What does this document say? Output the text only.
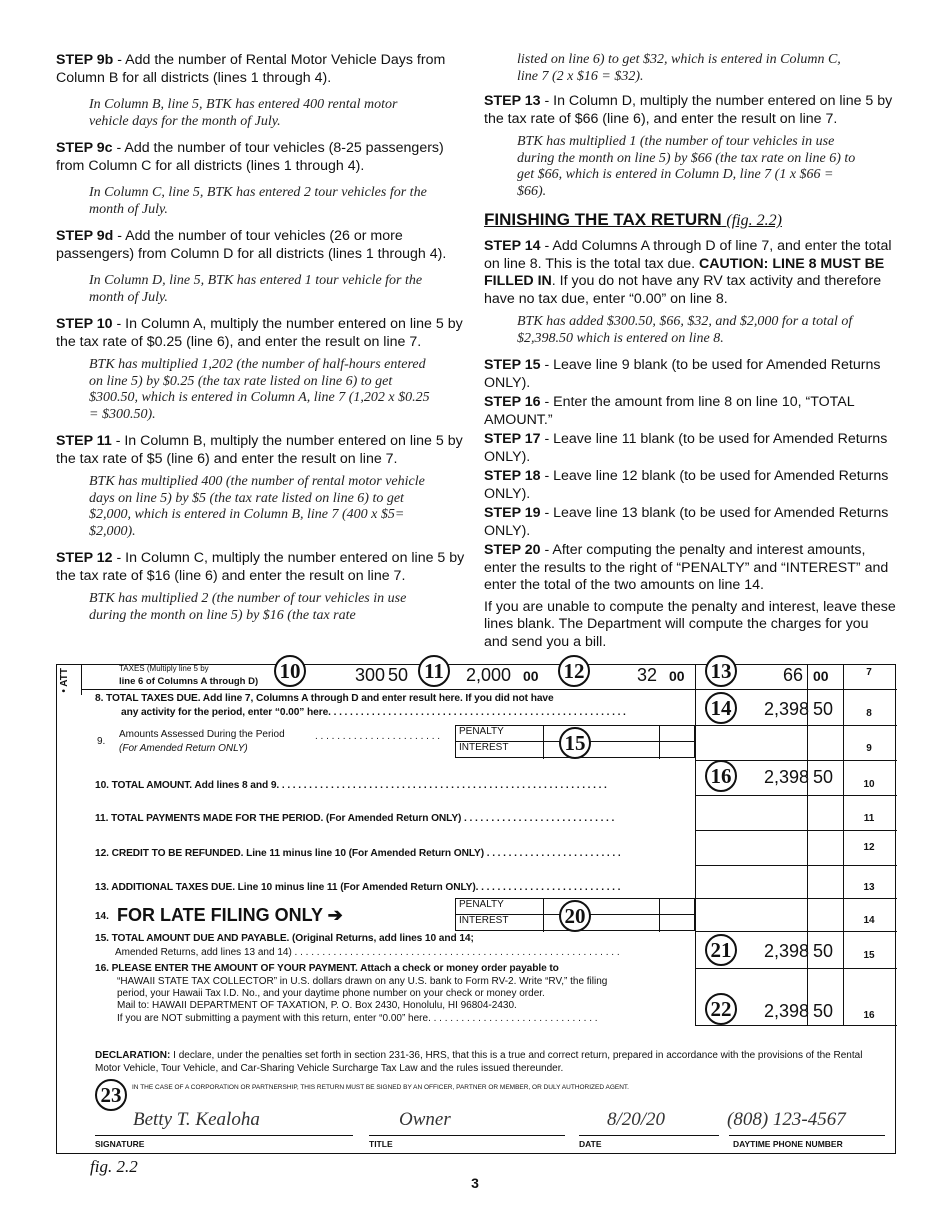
STEP 9b - Add the number of Rental Motor Vehicle Days from Column B for all districts (lines 1 through 4).

In Column B, line 5, BTK has entered 400 rental motor vehicle days for the month of July.

STEP 9c - Add the number of tour vehicles (8-25 passengers) from Column C for all districts (lines 1 through 4).

In Column C, line 5, BTK has entered 2 tour vehicles for the month of July.

STEP 9d - Add the number of tour vehicles (26 or more passengers) from Column D for all districts (lines 1 through 4).

In Column D, line 5, BTK has entered 1 tour vehicle for the month of July.

STEP 10 - In Column A, multiply the number entered on line 5 by the tax rate of $0.25 (line 6), and enter the result on line 7.

BTK has multiplied 1,202 (the number of half-hours entered on line 5) by $0.25 (the tax rate listed on line 6) to get $300.50, which is entered in Column A, line 7 (1,202 x $0.25 = $300.50).

STEP 11 - In Column B, multiply the number entered on line 5 by the tax rate of $5 (line 6) and enter the result on line 7.

BTK has multiplied 400 (the number of rental motor vehicle days on line 5) by $5 (the tax rate listed on line 6) to get $2,000, which is entered in Column B, line 7 (400 x $5= $2,000).

STEP 12 - In Column C, multiply the number entered on line 5 by the tax rate of $16 (line 6) and enter the result on line 7.

BTK has multiplied 2 (the number of tour vehicles in use during the month on line 5) by $16 (the tax rate

listed on line 6) to get $32, which is entered in Column C, line 7 (2 x $16 = $32).

STEP 13 - In Column D, multiply the number entered on line 5 by the tax rate of $66 (line 6), and enter the result on line 7.

BTK has multiplied 1 (the number of tour vehicles in use during the month on line 5) by $66 (the tax rate on line 6) to get $66, which is entered in Column D, line 7 (1 x $66 = $66).

FINISHING THE TAX RETURN (fig. 2.2)

STEP 14 - Add Columns A through D of line 7, and enter the total on line 8. This is the total tax due. CAUTION: LINE 8 MUST BE FILLED IN. If you do not have any RV tax activity and therefore have no tax due, enter “0.00” on line 8.

BTK has added $300.50, $66, $32, and $2,000 for a total of $2,398.50 which is entered on line 8.

STEP 15 - Leave line 9 blank (to be used for Amended Returns ONLY).

STEP 16 - Enter the amount from line 8 on line 10, “TOTAL AMOUNT.”

STEP 17 - Leave line 11 blank (to be used for Amended Returns ONLY).

STEP 18 - Leave line 12 blank (to be used for Amended Returns ONLY).

STEP 19 - Leave line 13 blank (to be used for Amended Returns ONLY).

STEP 20 - After computing the penalty and interest amounts, enter the results to the right of “PENALTY” and “INTEREST” and enter the total of the two amounts on line 14.

If you are unable to compute the penalty and interest, leave these lines blank. The Department will compute the charges for you and send you a bill.

• ATT	TAXES (Multiply line 5 by
line 6 of Columns A through D) 10	300 50 11	2,000 00 12	32 00 13	66 00	7
8. TOTAL TAXES DUE. Add line 7, Columns A through D and enter result here. If you did not have
any activity for the period, enter “0.00” here. . . . . . . . . . . . . . . . . . . . . . . . . . . . . . . . . . . . . . . . . . . . . . . . . . . . . . .	14	2,398 50	8
Amounts Assessed During the Period
9.
(For Amended Return ONLY)
. . . . . . . . . . . . . . . . . . . . . . .	PENALTY
INTEREST	15	9
10. TOTAL AMOUNT. Add lines 8 and 9. . . . . . . . . . . . . . . . . . . . . . . . . . . . . . . . . . . . . . . . . . . . . . . . . . . . . . . . . . . . .	16	2,398 50	10
11. TOTAL PAYMENTS MADE FOR THE PERIOD. (For Amended Return ONLY) . . . . . . . . . . . . . . . . . . . . . . . . . . . .	11
12. CREDIT TO BE REFUNDED. Line 11 minus line 10 (For Amended Return ONLY) . . . . . . . . . . . . . . . . . . . . . . . . .
12
13. ADDITIONAL TAXES DUE. Line 10 minus line 11 (For Amended Return ONLY). . . . . . . . . . . . . . . . . . . . . . . . . . .	13
14. FOR LATE FILING ONLY ➔
PENALTY
INTEREST	20	14
15. TOTAL AMOUNT DUE AND PAYABLE. (Original Returns, add lines 10 and 14;
Amended Returns, add lines 13 and 14) . . . . . . . . . . . . . . . . . . . . . . . . . . . . . . . . . . . . . . . . . . . . . . . . . . . . . . . . . . .	21	2,398 50	15
16. PLEASE ENTER THE AMOUNT OF YOUR PAYMENT. Attach a check or money order payable to
“HAWAII STATE TAX COLLECTOR” in U.S. dollars drawn on any U.S. bank to Form RV-2. Write “RV,” the filing
period, your Hawaii Tax I.D. No., and your daytime phone number on your check or money order.
Mail to: HAWAII DEPARTMENT OF TAXATION, P. O. Box 2430, Honolulu, HI 96804-2430.
If you are NOT submitting a payment with this return, enter “0.00” here. . . . . . . . . . . . . . . . . . . . . . . . . . . . . . .	22	2,398 50	16

DECLARATION: I declare, under the penalties set forth in section 231-36, HRS, that this is a true and correct return, prepared in accordance with the provisions of the Rental Motor Vehicle, Tour Vehicle, and Car-Sharing Vehicle Surcharge Tax Law and the rules issued thereunder.

IN THE CASE OF A CORPORATION OR PARTNERSHIP, THIS RETURN MUST BE SIGNED BY AN OFFICER, PARTNER OR MEMBER, OR DULY AUTHORIZED AGENT.
23
Betty T. Kealoha	Owner	8/20/20	(808) 123-4567
SIGNATURE	TITLE	DATE	DAYTIME PHONE NUMBER
fig. 2.2
3
